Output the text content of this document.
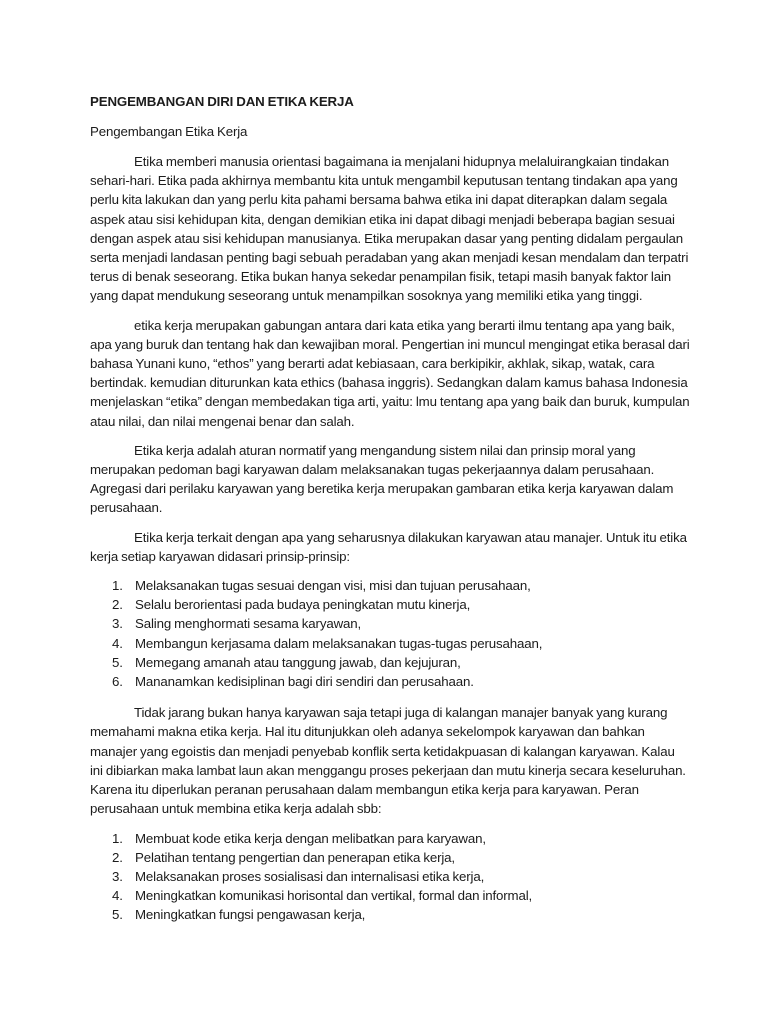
PENGEMBANGAN DIRI DAN ETIKA KERJA
Pengembangan Etika Kerja

Etika memberi manusia orientasi bagaimana ia menjalani hidupnya melaluirangkaian tindakan sehari-hari. Etika pada akhirnya membantu kita untuk mengambil keputusan tentang tindakan apa yang perlu kita lakukan dan yang perlu kita pahami bersama bahwa etika ini dapat diterapkan dalam segala aspek atau sisi kehidupan kita, dengan demikian etika ini dapat dibagi menjadi beberapa bagian sesuai dengan aspek atau sisi kehidupan manusianya. Etika merupakan dasar yang penting didalam pergaulan serta menjadi landasan penting bagi sebuah peradaban yang akan menjadi kesan mendalam dan terpatri terus di benak seseorang. Etika bukan hanya sekedar penampilan fisik, tetapi masih banyak faktor lain yang dapat mendukung seseorang untuk menampilkan sosoknya yang memiliki etika yang tinggi.

etika kerja merupakan gabungan antara dari kata etika yang berarti ilmu tentang apa yang baik, apa yang buruk dan tentang hak dan kewajiban moral. Pengertian ini muncul mengingat etika berasal dari bahasa Yunani kuno, “ethos” yang berarti adat kebiasaan, cara berkipikir, akhlak, sikap, watak, cara bertindak. kemudian diturunkan kata ethics (bahasa inggris). Sedangkan dalam kamus bahasa Indonesia menjelaskan “etika” dengan membedakan tiga arti, yaitu: lmu tentang apa yang baik dan buruk, kumpulan atau nilai, dan nilai mengenai benar dan salah.

Etika kerja adalah aturan normatif yang mengandung sistem nilai dan prinsip moral yang merupakan pedoman bagi karyawan dalam melaksanakan tugas pekerjaannya dalam perusahaan. Agregasi dari perilaku karyawan yang beretika kerja merupakan gambaran etika kerja karyawan dalam perusahaan.

Etika kerja terkait dengan apa yang seharusnya dilakukan karyawan atau manajer. Untuk itu etika kerja setiap karyawan didasari prinsip-prinsip:

1. Melaksanakan tugas sesuai dengan visi, misi dan tujuan perusahaan,
2. Selalu berorientasi pada budaya peningkatan mutu kinerja,
3. Saling menghormati sesama karyawan,
4. Membangun kerjasama dalam melaksanakan tugas-tugas perusahaan,
5. Memegang amanah atau tanggung jawab, dan kejujuran,
6. Mananamkan kedisiplinan bagi diri sendiri dan perusahaan.

Tidak jarang bukan hanya karyawan saja tetapi juga di kalangan manajer banyak yang kurang memahami makna etika kerja. Hal itu ditunjukkan oleh adanya sekelompok karyawan dan bahkan manajer yang egoistis dan menjadi penyebab konflik serta ketidakpuasan di kalangan karyawan. Kalau ini dibiarkan maka lambat laun akan menggangu proses pekerjaan dan mutu kinerja secara keseluruhan. Karena itu diperlukan peranan perusahaan dalam membangun etika kerja para karyawan. Peran perusahaan untuk membina etika kerja adalah sbb:

1. Membuat kode etika kerja dengan melibatkan para karyawan,
2. Pelatihan tentang pengertian dan penerapan etika kerja,
3. Melaksanakan proses sosialisasi dan internalisasi etika kerja,
4. Meningkatkan komunikasi horisontal dan vertikal, formal dan informal,
5. Meningkatkan fungsi pengawasan kerja,
